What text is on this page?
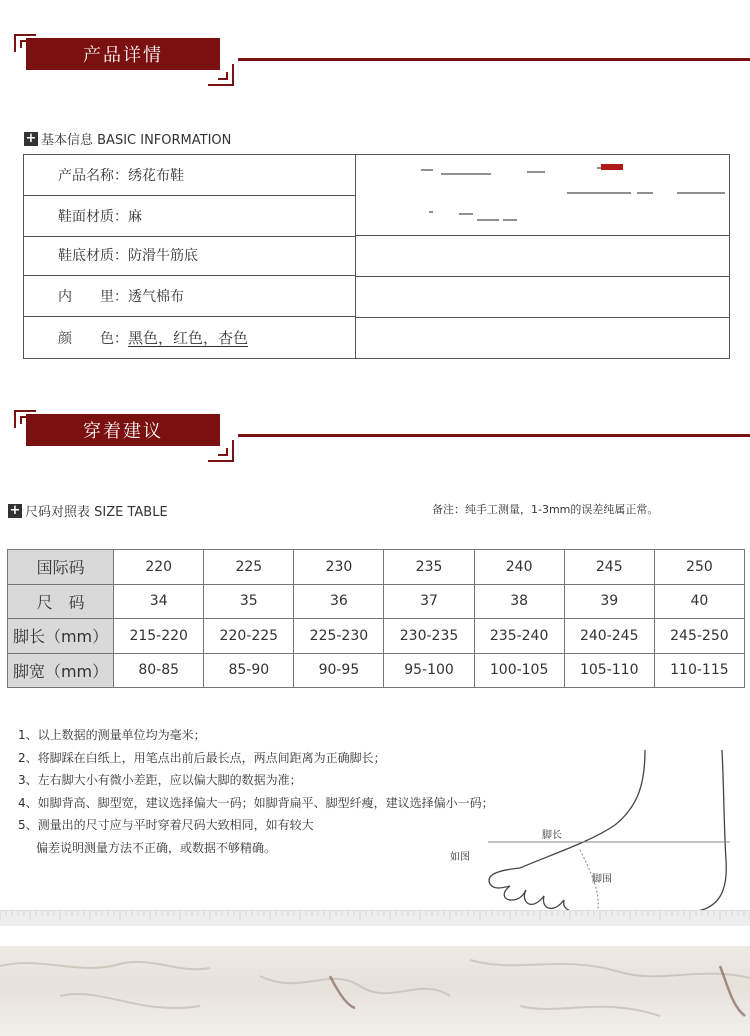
产品详情
+ 基本信息 BASIC INFORMATION
产品名称：绣花布鞋
鞋面材质：麻
鞋底材质：防滑牛筋底
内　　里：透气棉布
颜　　色： 黑色，红色，杏色
穿着建议
+ 尺码对照表 SIZE TABLE	备注：纯手工测量，1-3mm的误差纯属正常。
国际码	220	225	230	235	240	245	250
尺　码	34	35	36	37	38	39	40
脚长（mm）	215-220	220-225	225-230	230-235	235-240	240-245	245-250
脚宽（mm）	80-85	85-90	90-95	95-100	100-105	105-110	110-115
1、以上数据的测量单位均为毫米；
2、将脚踩在白纸上，用笔点出前后最长点，两点间距离为正确脚长；
3、左右脚大小有微小差距，应以偏大脚的数据为准；
4、如脚背高、脚型宽，建议选择偏大一码；如脚背扁平、脚型纤瘦，建议选择偏小一码；
5、测量出的尺寸应与平时穿着尺码大致相同，如有较大
偏差说明测量方法不正确，或数据不够精确。
脚长
脚围
如图
